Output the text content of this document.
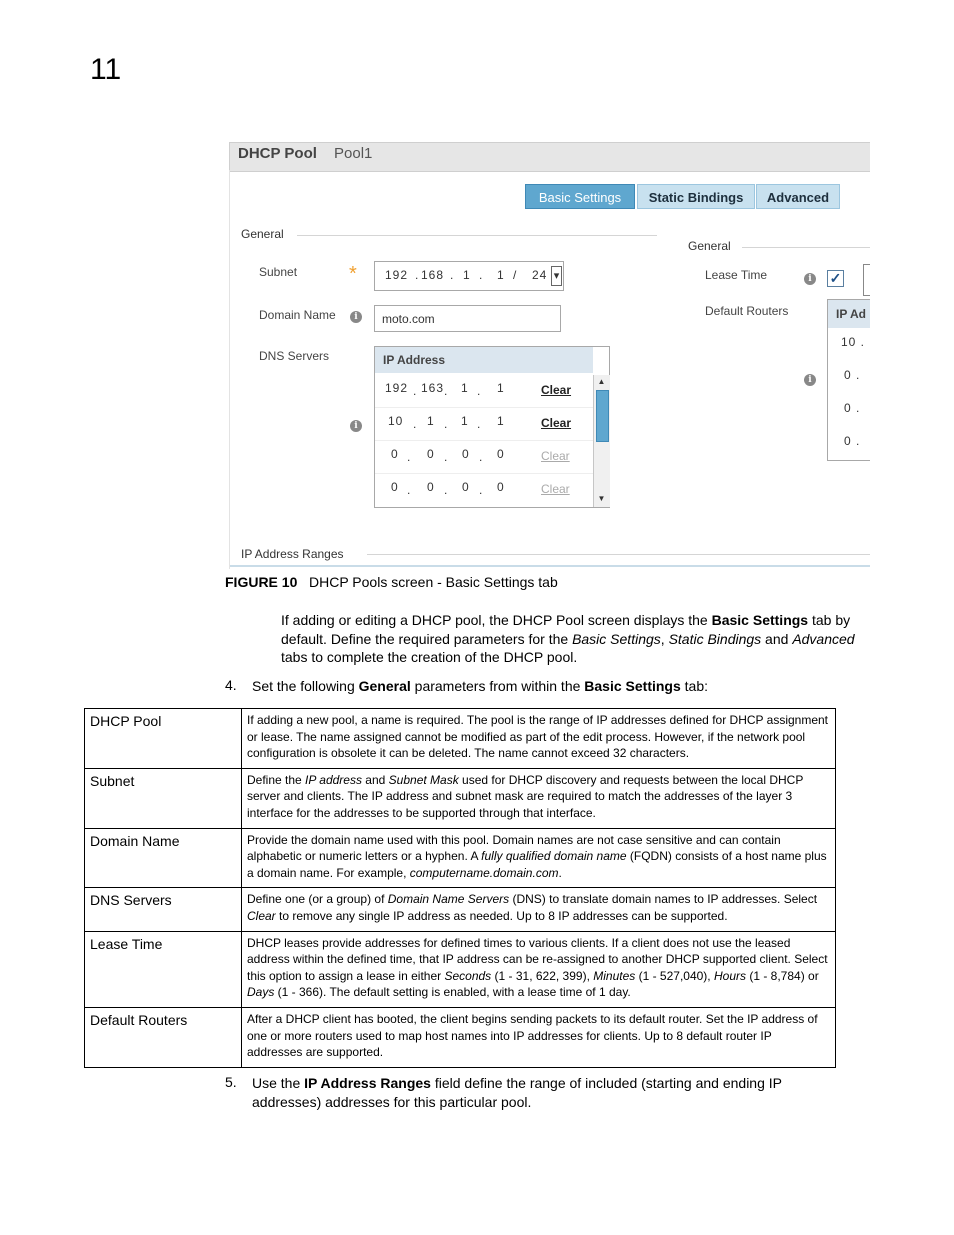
11
DHCP Pool Pool1
Basic Settings	Static Bindings	Advanced
General
Subnet	* 192 . 168 . 1 . 1 / 24 ▾
Domain Name	i	moto.com
DNS Servers
i
IP Address
192 . 163 . 1 . 1	Clear
10 . 1 . 1 . 1	Clear
0 . 0 . 0 . 0	Clear
0 . 0 . 0 . 0	Clear
▲
▼
General
Lease Time	i	✓
Default Routers
i
IP Ad
10 .
0 .
0 .
0 .
IP Address Ranges
FIGURE 10 DHCP Pools screen - Basic Settings tab
If adding or editing a DHCP pool, the DHCP Pool screen displays the Basic Settings tab by default. Define the required parameters for the Basic Settings, Static Bindings and Advanced tabs to complete the creation of the DHCP pool.
4. Set the following General parameters from within the Basic Settings tab:
DHCP Pool	If adding a new pool, a name is required. The pool is the range of IP addresses defined for DHCP assignment or lease. The name assigned cannot be modified as part of the edit process. However, if the network pool configuration is obsolete it can be deleted. The name cannot exceed 32 characters.
Subnet	Define the IP address and Subnet Mask used for DHCP discovery and requests between the local DHCP server and clients. The IP address and subnet mask are required to match the addresses of the layer 3 interface for the addresses to be supported through that interface.
Domain Name	Provide the domain name used with this pool. Domain names are not case sensitive and can contain alphabetic or numeric letters or a hyphen. A fully qualified domain name (FQDN) consists of a host name plus a domain name. For example, computername.domain.com.
DNS Servers	Define one (or a group) of Domain Name Servers (DNS) to translate domain names to IP addresses. Select Clear to remove any single IP address as needed. Up to 8 IP addresses can be supported.
Lease Time	DHCP leases provide addresses for defined times to various clients. If a client does not use the leased address within the defined time, that IP address can be re-assigned to another DHCP supported client. Select this option to assign a lease in either Seconds (1 - 31, 622, 399), Minutes (1 - 527,040), Hours (1 - 8,784) or Days (1 - 366). The default setting is enabled, with a lease time of 1 day.
Default Routers	After a DHCP client has booted, the client begins sending packets to its default router. Set the IP address of one or more routers used to map host names into IP addresses for clients. Up to 8 default router IP addresses are supported.
5. Use the IP Address Ranges field define the range of included (starting and ending IP addresses) addresses for this particular pool.
